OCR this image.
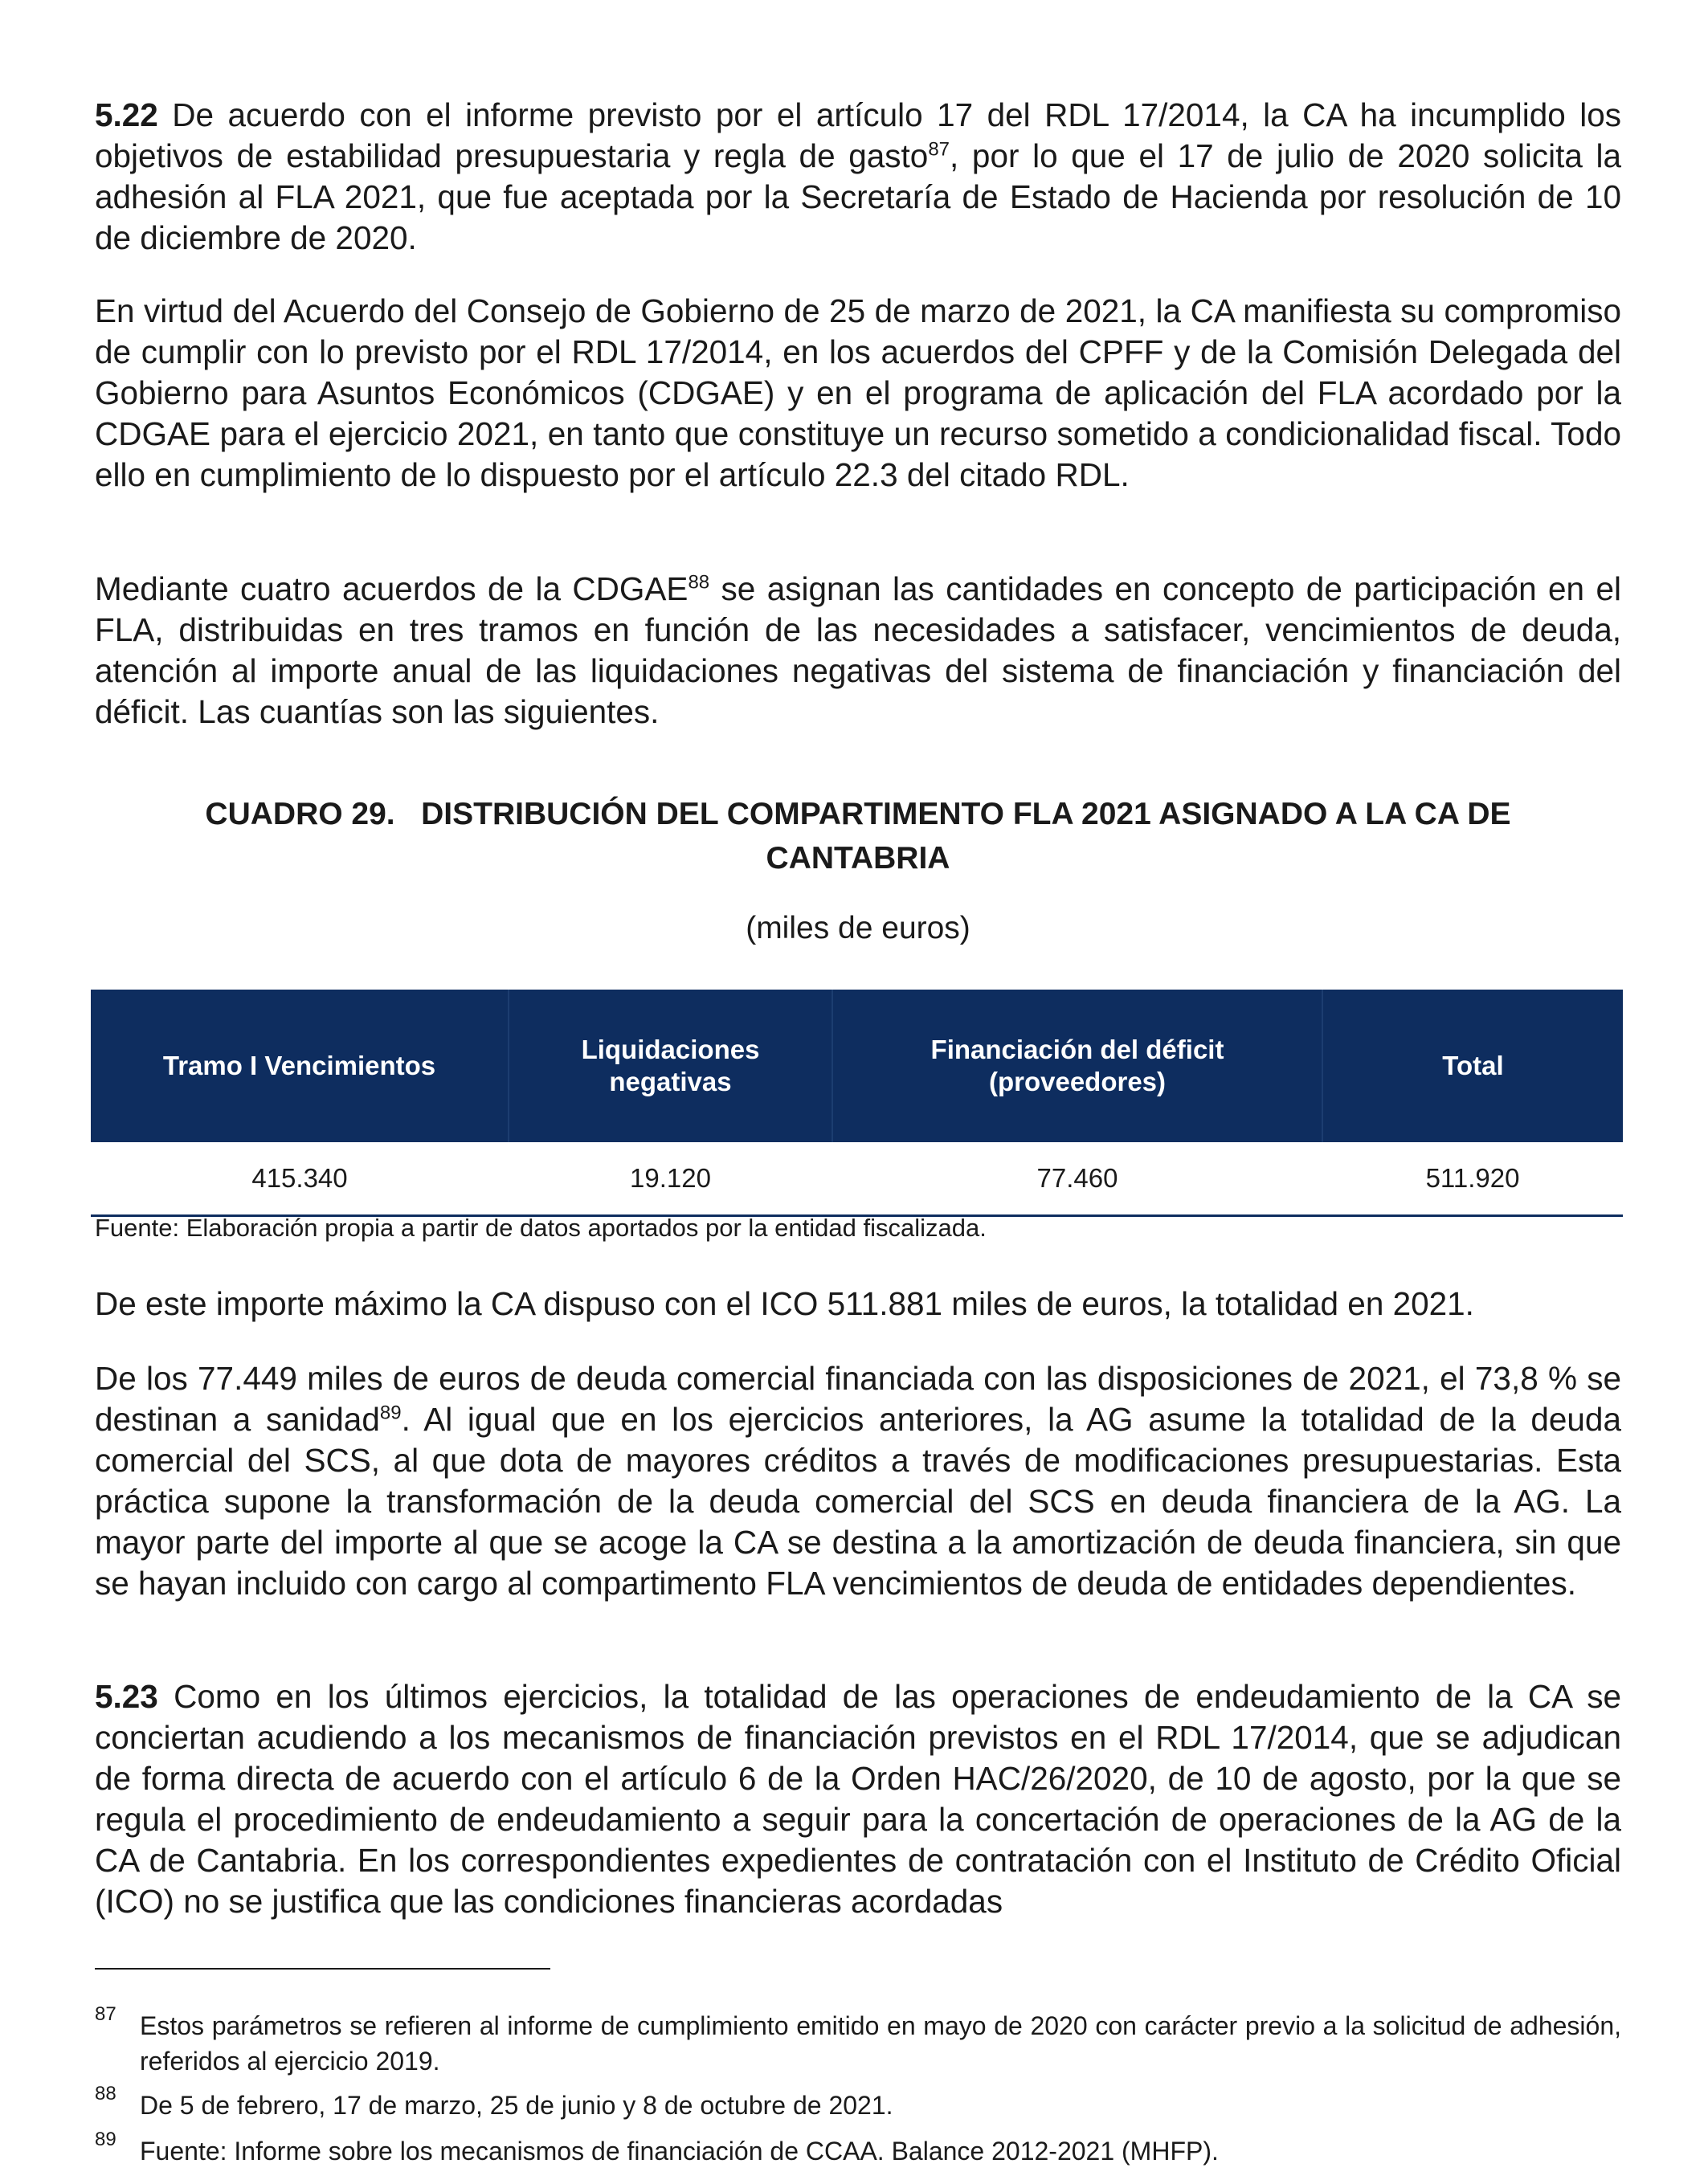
5.22 De acuerdo con el informe previsto por el artículo 17 del RDL 17/2014, la CA ha incumplido los objetivos de estabilidad presupuestaria y regla de gasto$^{87}$, por lo que el 17 de julio de 2020 solicita la adhesión al FLA 2021, que fue aceptada por la Secretaría de Estado de Hacienda por resolución de 10 de diciembre de 2020.

En virtud del Acuerdo del Consejo de Gobierno de 25 de marzo de 2021, la CA manifiesta su compromiso de cumplir con lo previsto por el RDL 17/2014, en los acuerdos del CPFF y de la Comisión Delegada del Gobierno para Asuntos Económicos (CDGAE) y en el programa de aplicación del FLA acordado por la CDGAE para el ejercicio 2021, en tanto que constituye un recurso sometido a condicionalidad fiscal. Todo ello en cumplimiento de lo dispuesto por el artículo 22.3 del citado RDL.

Mediante cuatro acuerdos de la CDGAE$^{88}$ se asignan las cantidades en concepto de participación en el FLA, distribuidas en tres tramos en función de las necesidades a satisfacer, vencimientos de deuda, atención al importe anual de las liquidaciones negativas del sistema de financiación y financiación del déficit. Las cuantías son las siguientes.

CUADRO 29.   DISTRIBUCIÓN DEL COMPARTIMENTO FLA 2021 ASIGNADO A LA CA DE
CANTABRIA
(miles de euros)
Tramo I Vencimientos	Liquidaciones negativas	Financiación del déficit (proveedores)	Total
415.340	19.120	77.460	511.920

Fuente: Elaboración propia a partir de datos aportados por la entidad fiscalizada.

De este importe máximo la CA dispuso con el ICO 511.881 miles de euros, la totalidad en 2021.

De los 77.449 miles de euros de deuda comercial financiada con las disposiciones de 2021, el 73,8 % se destinan a sanidad$^{89}$. Al igual que en los ejercicios anteriores, la AG asume la totalidad de la deuda comercial del SCS, al que dota de mayores créditos a través de modificaciones presupuestarias. Esta práctica supone la transformación de la deuda comercial del SCS en deuda financiera de la AG. La mayor parte del importe al que se acoge la CA se destina a la amortización de deuda financiera, sin que se hayan incluido con cargo al compartimento FLA vencimientos de deuda de entidades dependientes.

5.23 Como en los últimos ejercicios, la totalidad de las operaciones de endeudamiento de la CA se conciertan acudiendo a los mecanismos de financiación previstos en el RDL 17/2014, que se adjudican de forma directa de acuerdo con el artículo 6 de la Orden HAC/26/2020, de 10 de agosto, por la que se regula el procedimiento de endeudamiento a seguir para la concertación de operaciones de la AG de la CA de Cantabria. En los correspondientes expedientes de contratación con el Instituto de Crédito Oficial (ICO) no se justifica que las condiciones financieras acordadas

87 Estos parámetros se refieren al informe de cumplimiento emitido en mayo de 2020 con carácter previo a la solicitud de adhesión, referidos al ejercicio 2019.

88 De 5 de febrero, 17 de marzo, 25 de junio y 8 de octubre de 2021.

89 Fuente: Informe sobre los mecanismos de financiación de CCAA. Balance 2012-2021 (MHFP).
